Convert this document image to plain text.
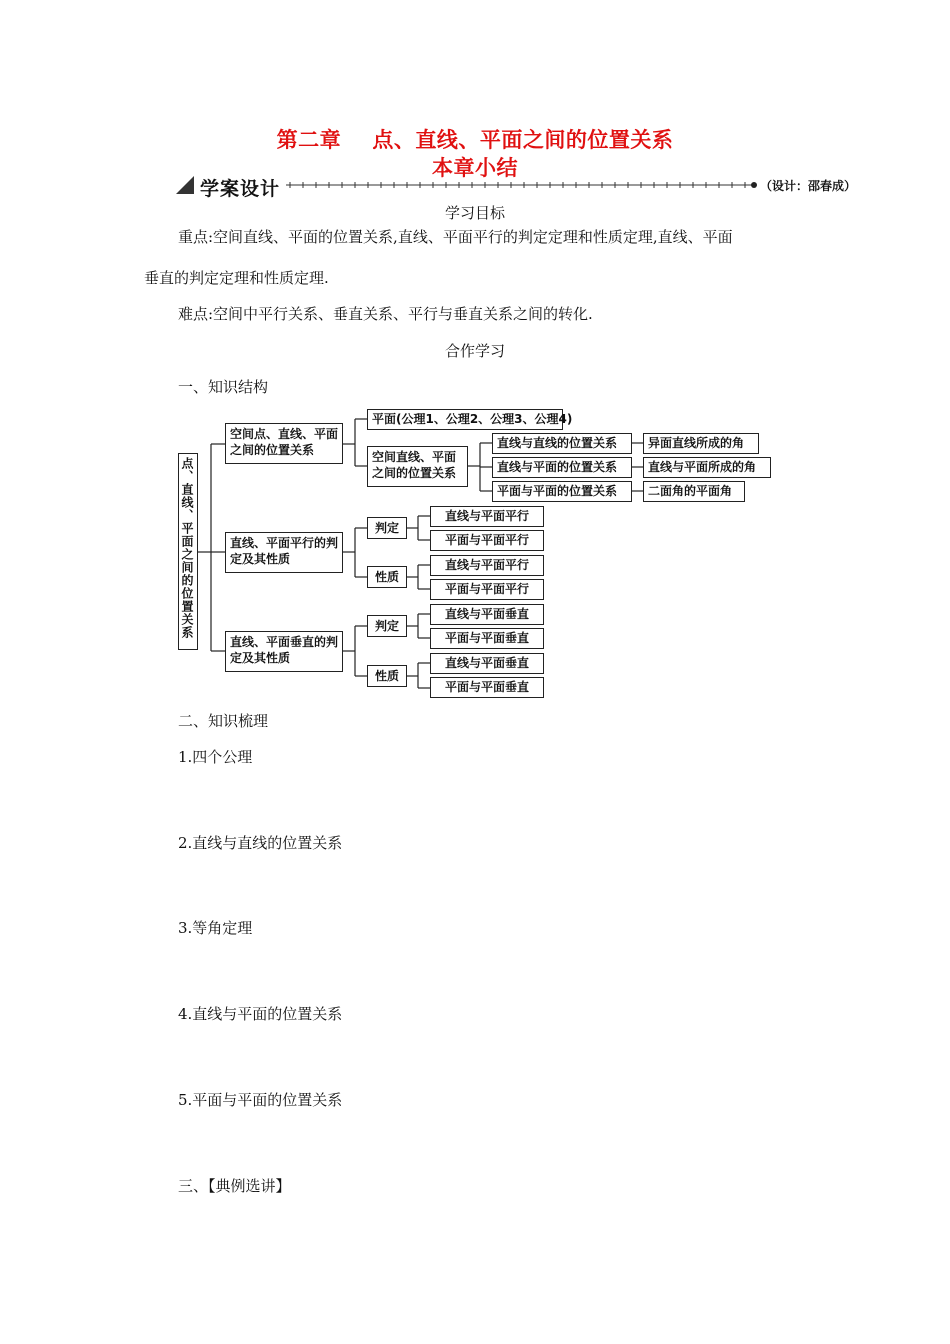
第二章    点、直线、平面之间的位置关系
本章小结
学案设计	（设计：邵春成）
学习目标
重点:空间直线、平面的位置关系,直线、平面平行的判定定理和性质定理,直线、平面
垂直的判定定理和性质定理.
难点:空间中平行关系、垂直关系、平行与垂直关系之间的转化.
合作学习
一、知识结构
点、直线、平面之间的位置关系
空间点、直线、平面之间的位置关系
直线、平面平行的判定及其性质
直线、平面垂直的判定及其性质
平面(公理1、公理2、公理3、公理4)
空间直线、平面之间的位置关系
直线与直线的位置关系
直线与平面的位置关系
平面与平面的位置关系
异面直线所成的角
直线与平面所成的角
二面角的平面角
判定
性质
直线与平面平行
平面与平面平行
直线与平面平行
平面与平面平行
判定
性质
直线与平面垂直
平面与平面垂直
直线与平面垂直
平面与平面垂直
二、知识梳理
1.四个公理
2.直线与直线的位置关系
3.等角定理
4.直线与平面的位置关系
5.平面与平面的位置关系
三、【典例选讲】
